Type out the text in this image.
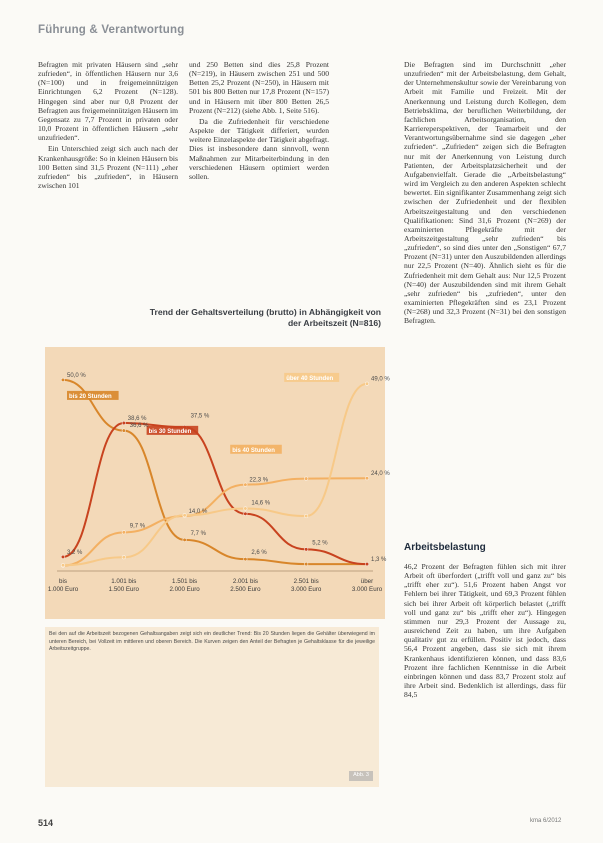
Führung & Verantwortung

Befragten mit privaten Häusern sind „sehr zufrieden“, in öffentlichen Häusern nur 3,6 (N=100) und in freigemeinnützigen Einrichtungen 6,2 Prozent (N=128). Hingegen sind aber nur 0,8 Prozent der Befragten aus freigemeinnützigen Häusern im Gegensatz zu 7,7 Prozent in privaten oder 10,0 Prozent in öffentlichen Häusern „sehr unzufrieden“.

Ein Unterschied zeigt sich auch nach der Krankenhausgröße: So in kleinen Häusern bis 100 Betten sind 31,5 Prozent (N=111) „eher zufrieden“ bis „zufrieden“, in Häusern zwischen 101

und 250 Betten sind dies 25,8 Prozent (N=219), in Häusern zwischen 251 und 500 Betten 25,2 Prozent (N=250), in Häusern mit 501 bis 800 Betten nur 17,8 Prozent (N=157) und in Häusern mit über 800 Betten 26,5 Prozent (N=212) (siehe Abb. 1, Seite 516).

Da die Zufriedenheit für verschiedene Aspekte der Tätigkeit differiert, wurden weitere Einzelaspekte der Tätigkeit abgefragt. Dies ist insbesondere dann sinnvoll, wenn Maßnahmen zur Mitarbeiterbindung in den verschiedenen Häusern optimiert werden sollen.

Die Befragten sind im Durchschnitt „eher unzufrieden“ mit der Arbeitsbelastung, dem Gehalt, der Unternehmenskultur sowie der Vereinbarung von Arbeit mit Familie und Freizeit. Mit der Anerkennung und Leistung durch Kollegen, dem Betriebsklima, der beruflichen Weiterbildung, der fachlichen Arbeitsorganisation, den Karriereperspektiven, der Teamarbeit und der Verantwortungsübernahme sind sie dagegen „eher zufrieden“. „Zufrieden“ zeigen sich die Befragten nur mit der Anerkennung von Leistung durch Patienten, der Arbeitsplatzsicherheit und der Aufgabenvielfalt. Gerade die „Arbeitsbelastung“ wird im Vergleich zu den anderen Aspekten schlecht bewertet. Ein signifikanter Zusammenhang zeigt sich zwischen der Zufriedenheit und der flexiblen Arbeitszeitgestaltung und den verschiedenen Qualifikationen: Sind 31,6 Prozent (N=269) der examinierten Pflegekräfte mit der Arbeitszeitgestaltung „sehr zufrieden“ bis „zufrieden“, so sind dies unter den „Sonstigen“ 67,7 Prozent (N=31) unter den Auszubildenden allerdings nur 22,5 Prozent (N=40). Ähnlich sieht es für die Zufriedenheit mit dem Gehalt aus: Nur 12,5 Prozent (N=40) der Auszubildenden sind mit ihrem Gehalt „sehr zufrieden“ bis „zufrieden“, unter den examinierten Pflegekräften sind es 23,1 Prozent (N=268) und 32,3 Prozent (N=31) bei den sonstigen Befragten.

Arbeitsbelastung

46,2 Prozent der Befragten fühlen sich mit ihrer Arbeit oft überfordert („trifft voll und ganz zu“ bis „trifft eher zu“). 51,6 Prozent haben Angst vor Fehlern bei ihrer Tätigkeit, und 69,3 Prozent fühlen sich bei ihrer Arbeit oft körperlich belastet („trifft voll und ganz zu“ bis „trifft eher zu“). Hingegen stimmen nur 29,3 Prozent der Aussage zu, ausreichend Zeit zu haben, um ihre Aufgaben qualitativ gut zu erfüllen. Positiv ist jedoch, dass 56,4 Prozent angeben, dass sie sich mit ihrem Krankenhaus identifizieren können, und dass 83,6 Prozent ihre fachlichen Kenntnisse in die Arbeit einbringen können und dass 83,7 Prozent stolz auf ihre Arbeit sind. Bedenklich ist allerdings, dass für 84,5

Trend der Gehaltsverteilung (brutto) in Abhängigkeit von
der Arbeitszeit (N=816)
50,0 %
1,3 %
bis 20 Stunden
3,2 %
38,6 %
bis 30 Stunden
14,0 %
22,3 %
24,0 %
bis 40 Stunden
49,0 %
über 40 Stunden
36,6 %
9,7 %
7,7 %
2,6 %
5,2 %
37,5 %
14,6 %
bis
1.000 Euro
1.001 bis
1.500 Euro
1.501 bis
2.000 Euro
2.001 bis
2.500 Euro
2.501 bis
3.000 Euro
über
3.000 Euro
Bei den auf die Arbeitszeit bezogenen Gehaltsangaben zeigt sich ein deutlicher Trend: Bis 20 Stunden liegen die Gehälter überwiegend im unteren Bereich, bei Vollzeit im mittleren und oberen Bereich. Die Kurven zeigen den Anteil der Befragten je Gehaltsklasse für die jeweilige Arbeitszeitgruppe.
Abb. 3
514	kma 6/2012
